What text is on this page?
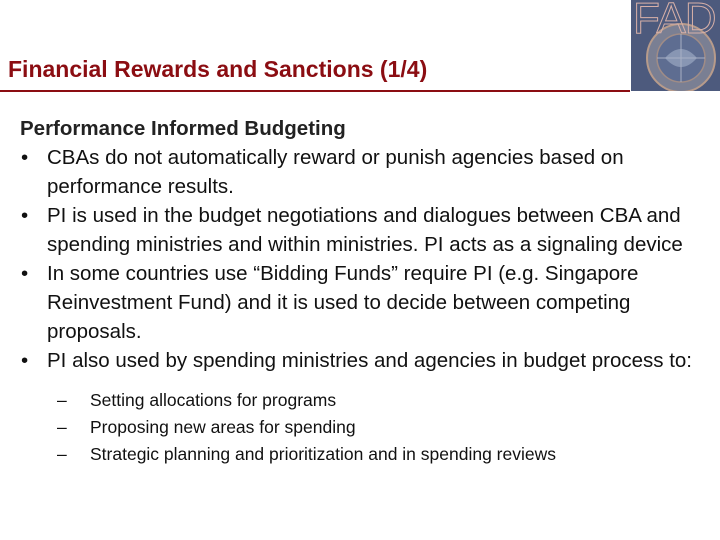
Financial Rewards and Sanctions (1/4)
FAD

Performance Informed Budgeting

• CBAs do not automatically reward or punish agencies based on performance results.
• PI is used in the budget negotiations and dialogues between CBA and spending ministries and within ministries. PI acts as a signaling device
• In some countries use “Bidding Funds” require PI (e.g. Singapore Reinvestment Fund) and it is used to decide between competing proposals.
• PI also used by spending ministries and agencies in budget process to:
– Setting allocations for programs
– Proposing new areas for spending
– Strategic planning and prioritization and in spending reviews
